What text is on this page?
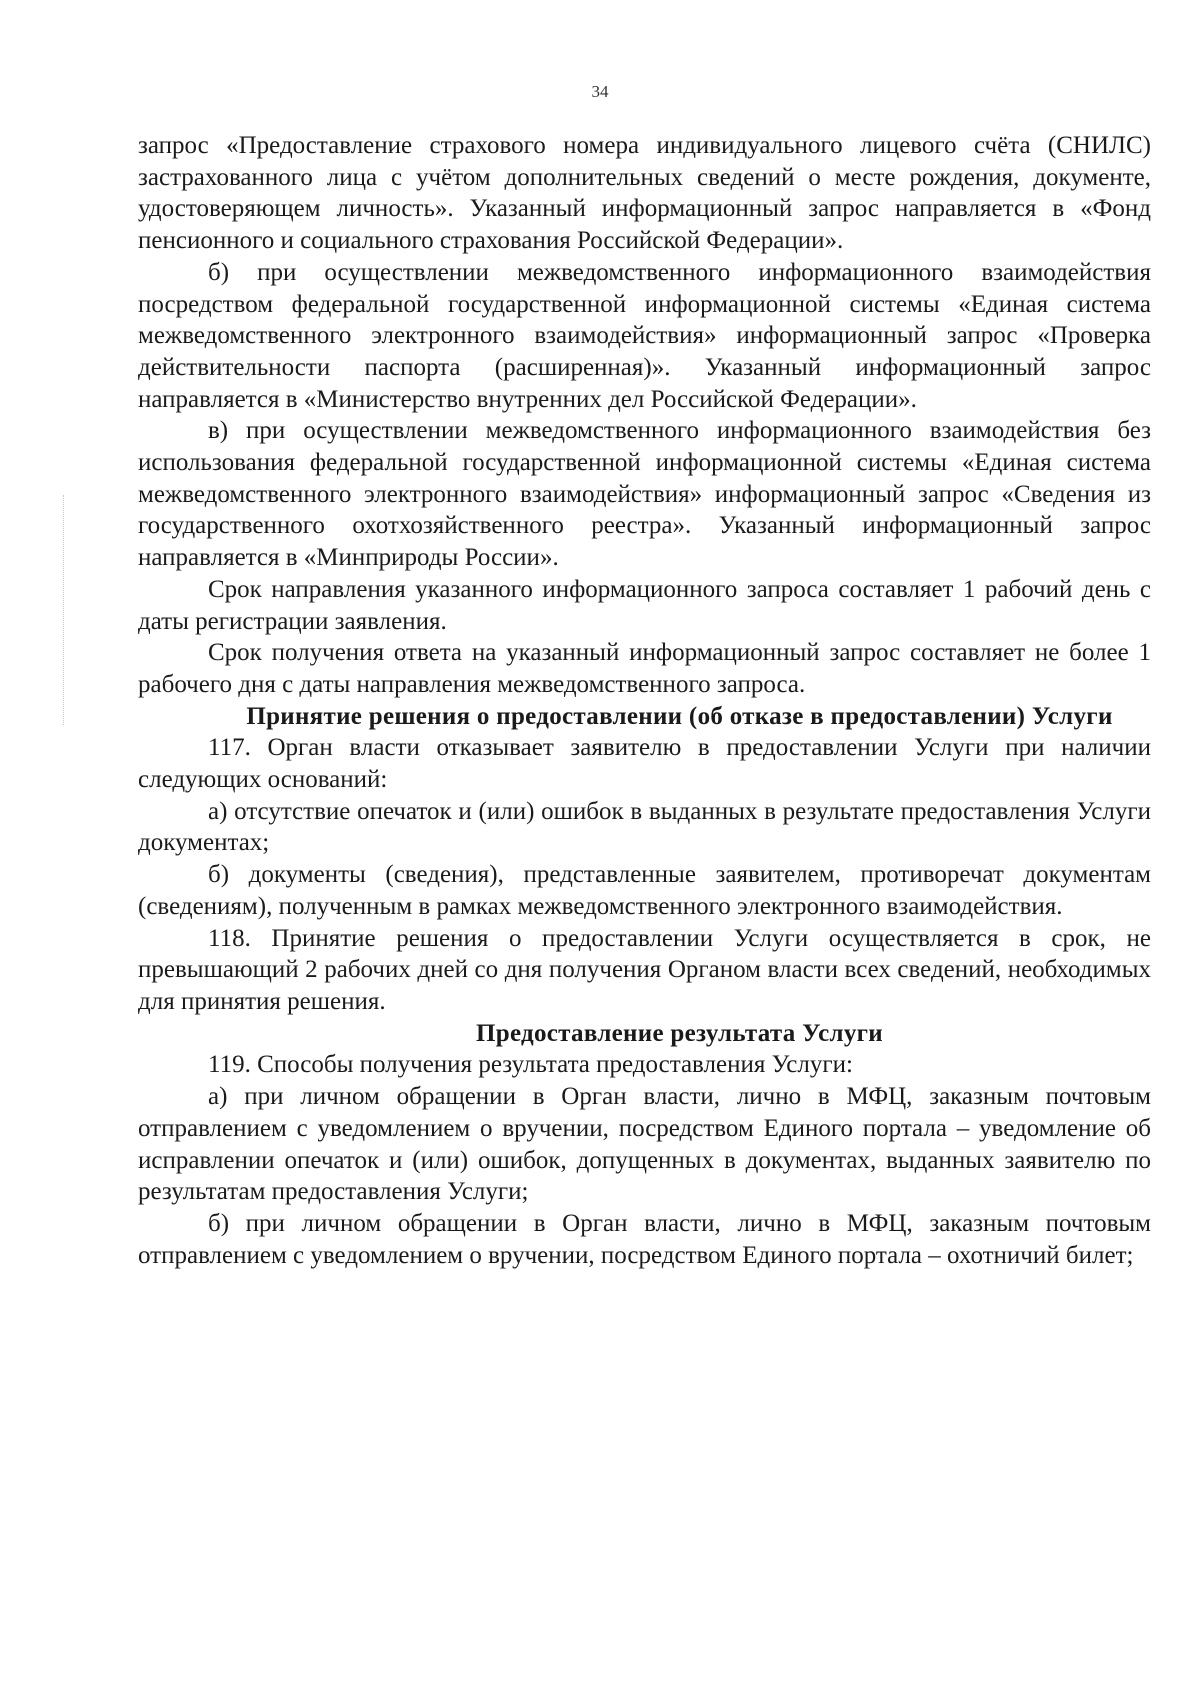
34

запрос «Предоставление страхового номера индивидуального лицевого счёта (СНИЛС) застрахованного лица с учётом дополнительных сведений о месте рождения, документе, удостоверяющем личность». Указанный информационный запрос направляется в «Фонд пенсионного и социального страхования Российской Федерации».

б) при осуществлении межведомственного информационного взаимодействия посредством федеральной государственной информационной системы «Единая система межведомственного электронного взаимодействия» информационный запрос «Проверка действительности паспорта (расширенная)». Указанный информационный запрос направляется в «Министерство внутренних дел Российской Федерации».

в) при осуществлении межведомственного информационного взаимодействия без использования федеральной государственной информационной системы «Единая система межведомственного электронного взаимодействия» информационный запрос «Сведения из государственного охотхозяйственного реестра». Указанный информационный запрос направляется в «Минприроды России».

Срок направления указанного информационного запроса составляет 1 рабочий день с даты регистрации заявления.

Срок получения ответа на указанный информационный запрос составляет не более 1 рабочего дня с даты направления межведомственного запроса.

Принятие решения о предоставлении (об отказе в предоставлении) Услуги

117. Орган власти отказывает заявителю в предоставлении Услуги при наличии следующих оснований:

а) отсутствие опечаток и (или) ошибок в выданных в результате предоставления Услуги документах;

б) документы (сведения), представленные заявителем, противоречат документам (сведениям), полученным в рамках межведомственного электронного взаимодействия.

118. Принятие решения о предоставлении Услуги осуществляется в срок, не превышающий 2 рабочих дней со дня получения Органом власти всех сведений, необходимых для принятия решения.

Предоставление результата Услуги

119. Способы получения результата предоставления Услуги:

а) при личном обращении в Орган власти, лично в МФЦ, заказным почтовым отправлением с уведомлением о вручении, посредством Единого портала – уведомление об исправлении опечаток и (или) ошибок, допущенных в документах, выданных заявителю по результатам предоставления Услуги;

б) при личном обращении в Орган власти, лично в МФЦ, заказным почтовым отправлением с уведомлением о вручении, посредством Единого портала – охотничий билет;
